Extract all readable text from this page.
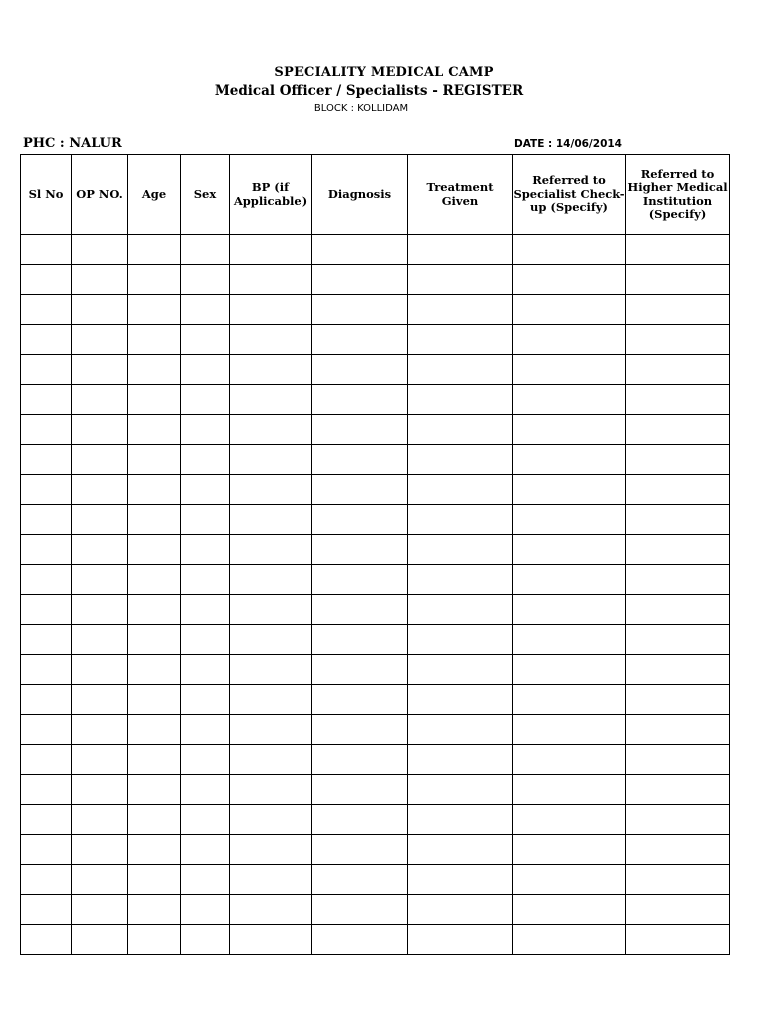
SPECIALITY MEDICAL CAMP
Medical Officer / Specialists - REGISTER
BLOCK : KOLLIDAM
PHC : NALUR	DATE : 14/06/2014
Sl No	OP NO.	Age	Sex	BP (if Applicable)	Diagnosis	Treatment Given	Referred to Specialist Check-up (Specify)	Referred to Higher Medical Institution (Specify)
